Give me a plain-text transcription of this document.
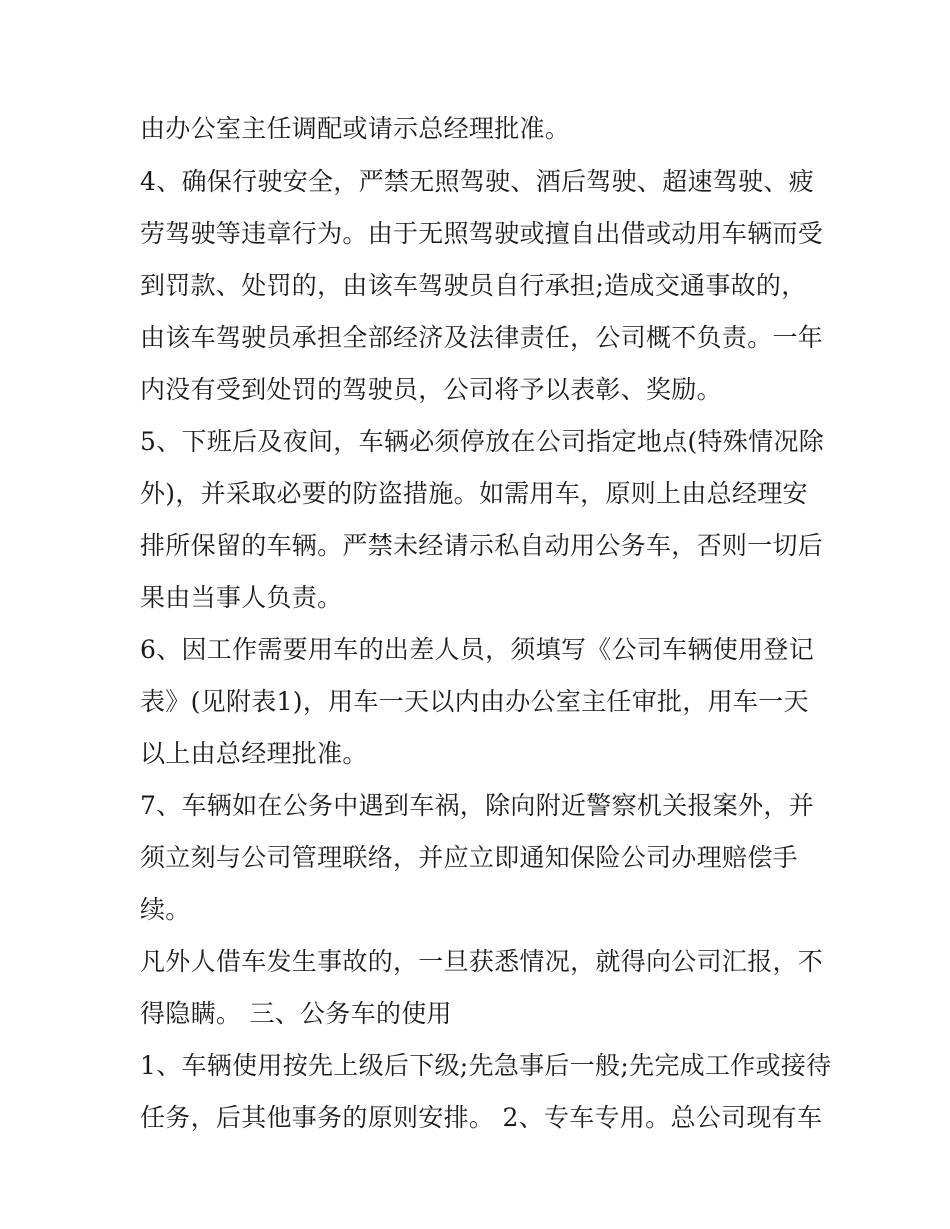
由办公室主任调配或请示总经理批准。
4、确保行驶安全，严禁无照驾驶、酒后驾驶、超速驾驶、疲
劳驾驶等违章行为。由于无照驾驶或擅自出借或动用车辆而受
到罚款、处罚的，由该车驾驶员自行承担;造成交通事故的，
由该车驾驶员承担全部经济及法律责任，公司概不负责。一年
内没有受到处罚的驾驶员，公司将予以表彰、奖励。
5、下班后及夜间，车辆必须停放在公司指定地点(特殊情况除
外)，并采取必要的防盗措施。如需用车，原则上由总经理安
排所保留的车辆。严禁未经请示私自动用公务车，否则一切后
果由当事人负责。
6、因工作需要用车的出差人员，须填写《公司车辆使用登记
表》(见附表1)，用车一天以内由办公室主任审批，用车一天
以上由总经理批准。
7、车辆如在公务中遇到车祸，除向附近警察机关报案外，并
须立刻与公司管理联络，并应立即通知保险公司办理赔偿手
续。
凡外人借车发生事故的，一旦获悉情况，就得向公司汇报，不
得隐瞒。 三、公务车的使用
1、车辆使用按先上级后下级;先急事后一般;先完成工作或接待
任务，后其他事务的原则安排。 2、专车专用。总公司现有车
